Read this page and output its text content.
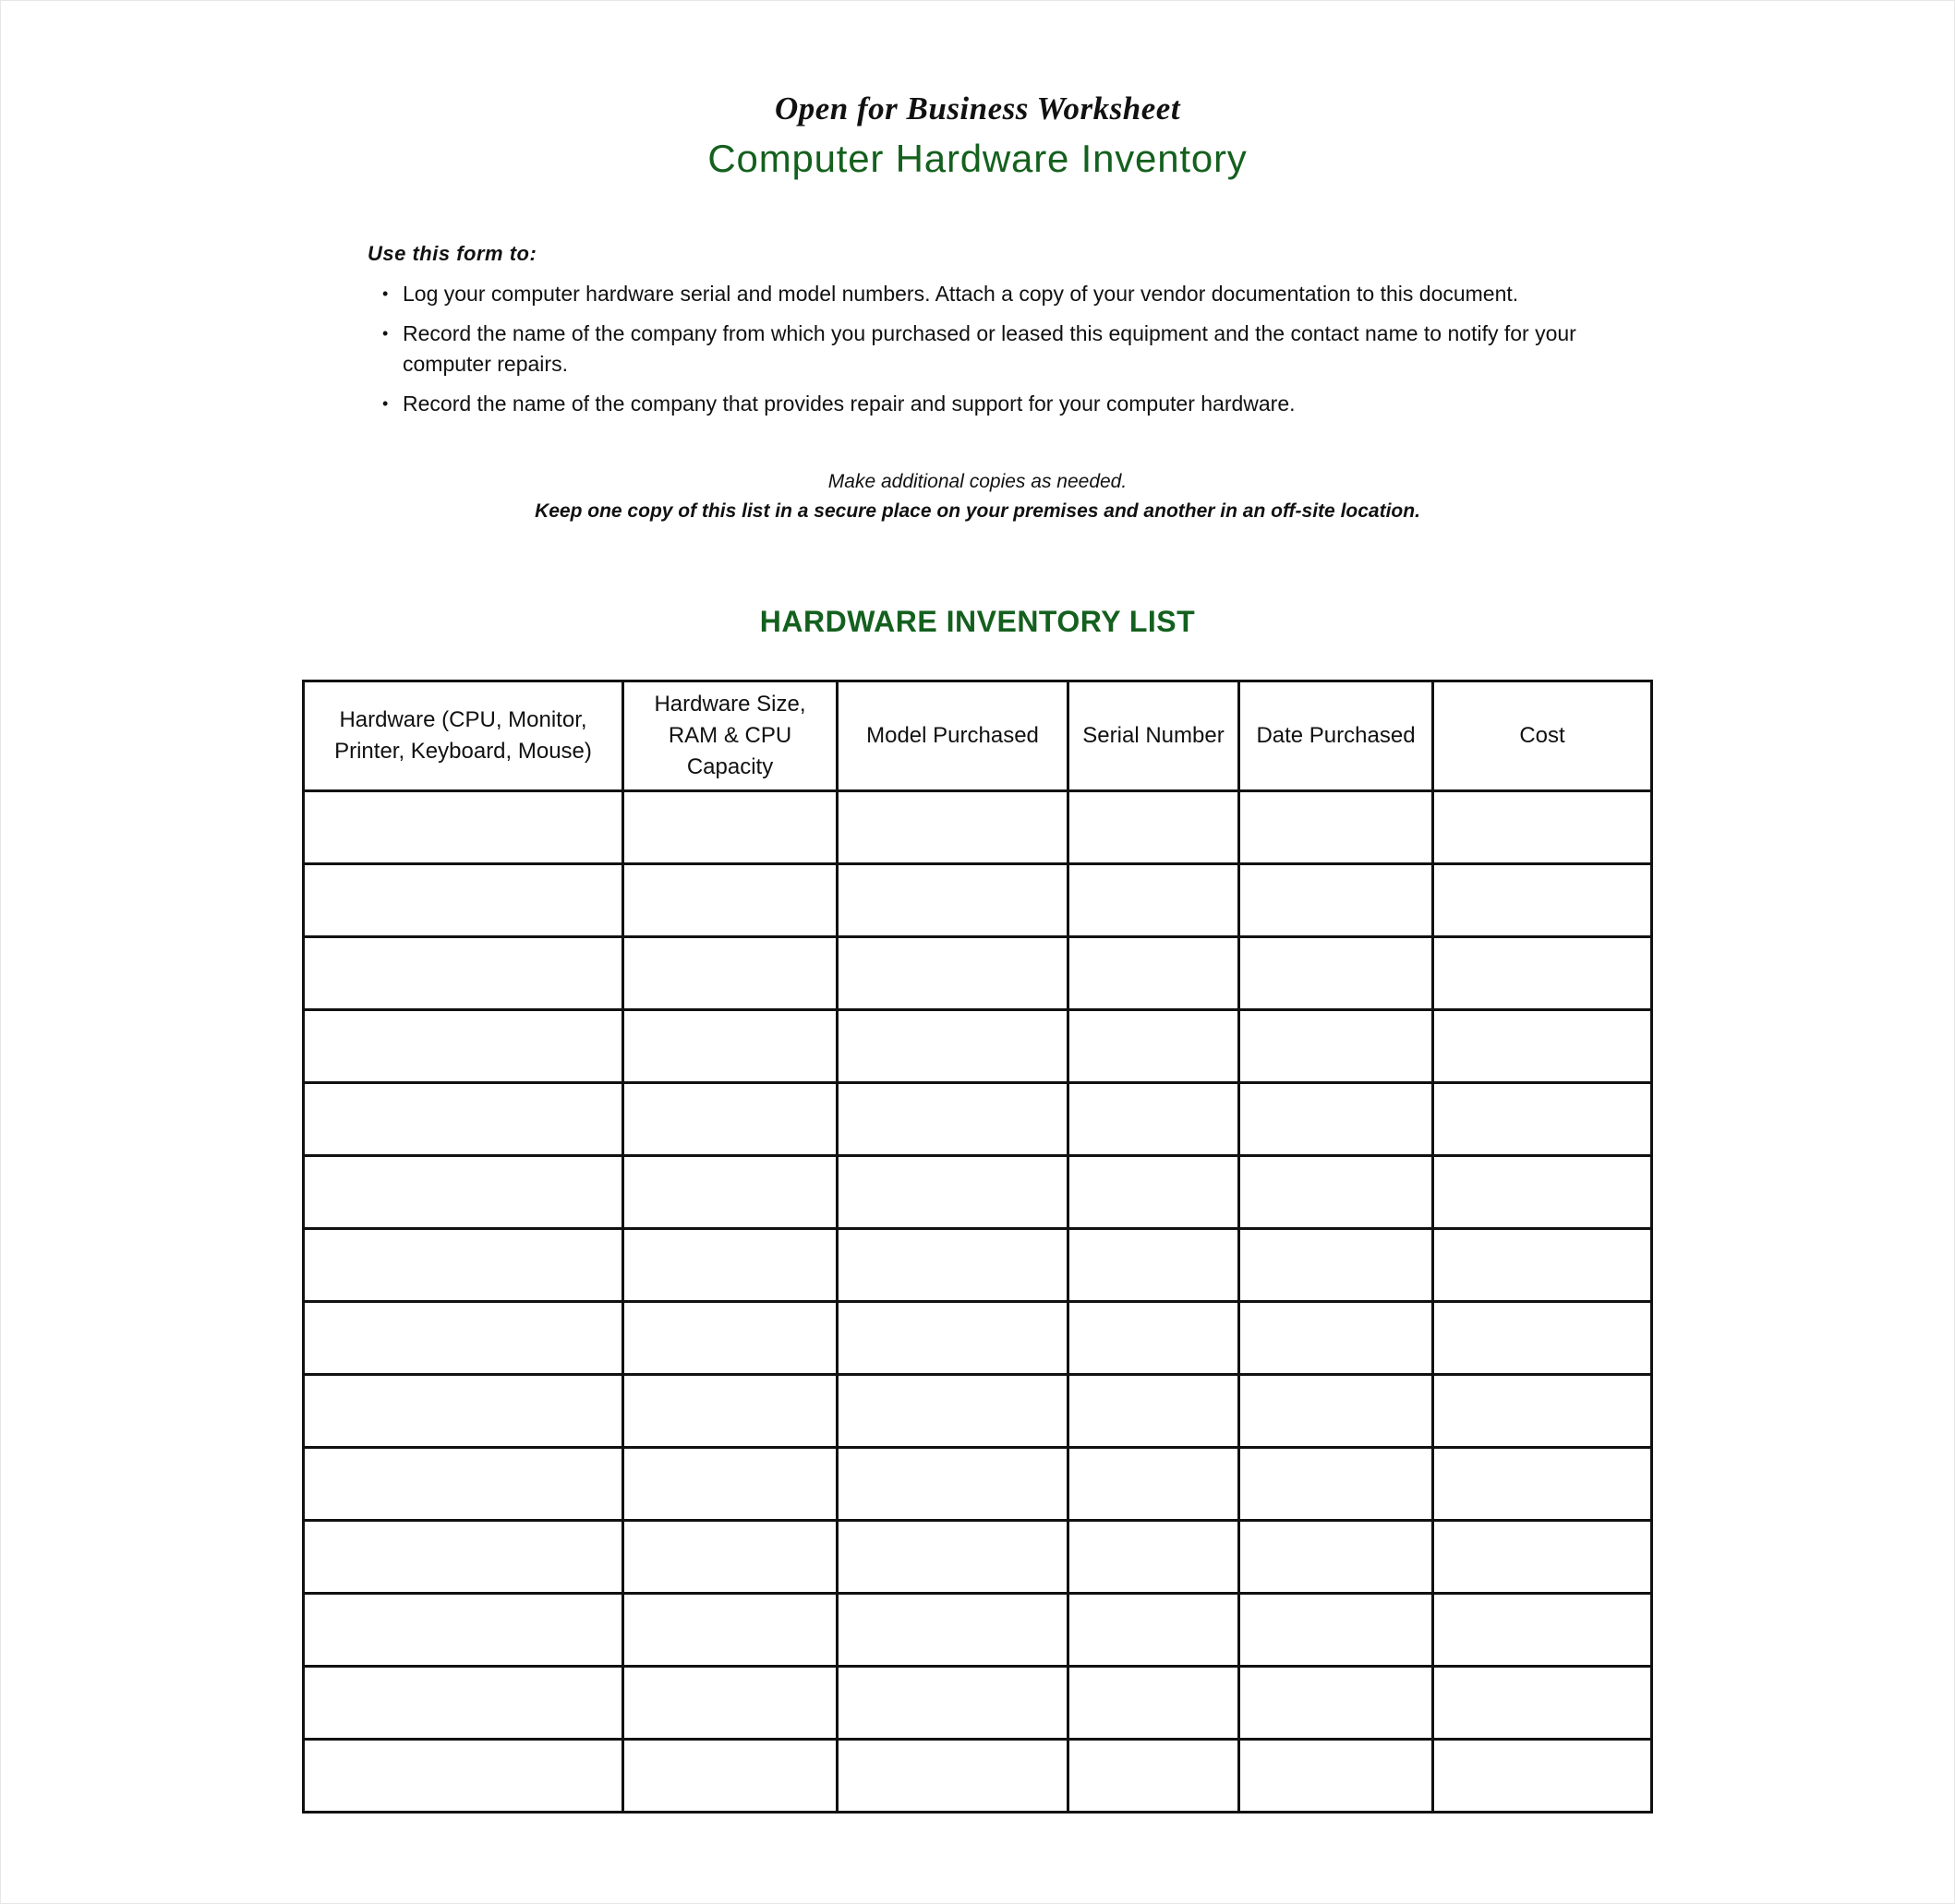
Open for Business Worksheet
Computer Hardware Inventory
Use this form to:
• Log your computer hardware serial and model numbers. Attach a copy of your vendor documentation to this document.
• Record the name of the company from which you purchased or leased this equipment and the contact name to notify for your computer repairs.
• Record the name of the company that provides repair and support for your computer hardware.
Make additional copies as needed.
Keep one copy of this list in a secure place on your premises and another in an off-site location.
HARDWARE INVENTORY LIST
Hardware (CPU, Monitor, Printer, Keyboard, Mouse)	Hardware Size, RAM & CPU Capacity	Model Purchased	Serial Number	Date Purchased	Cost
